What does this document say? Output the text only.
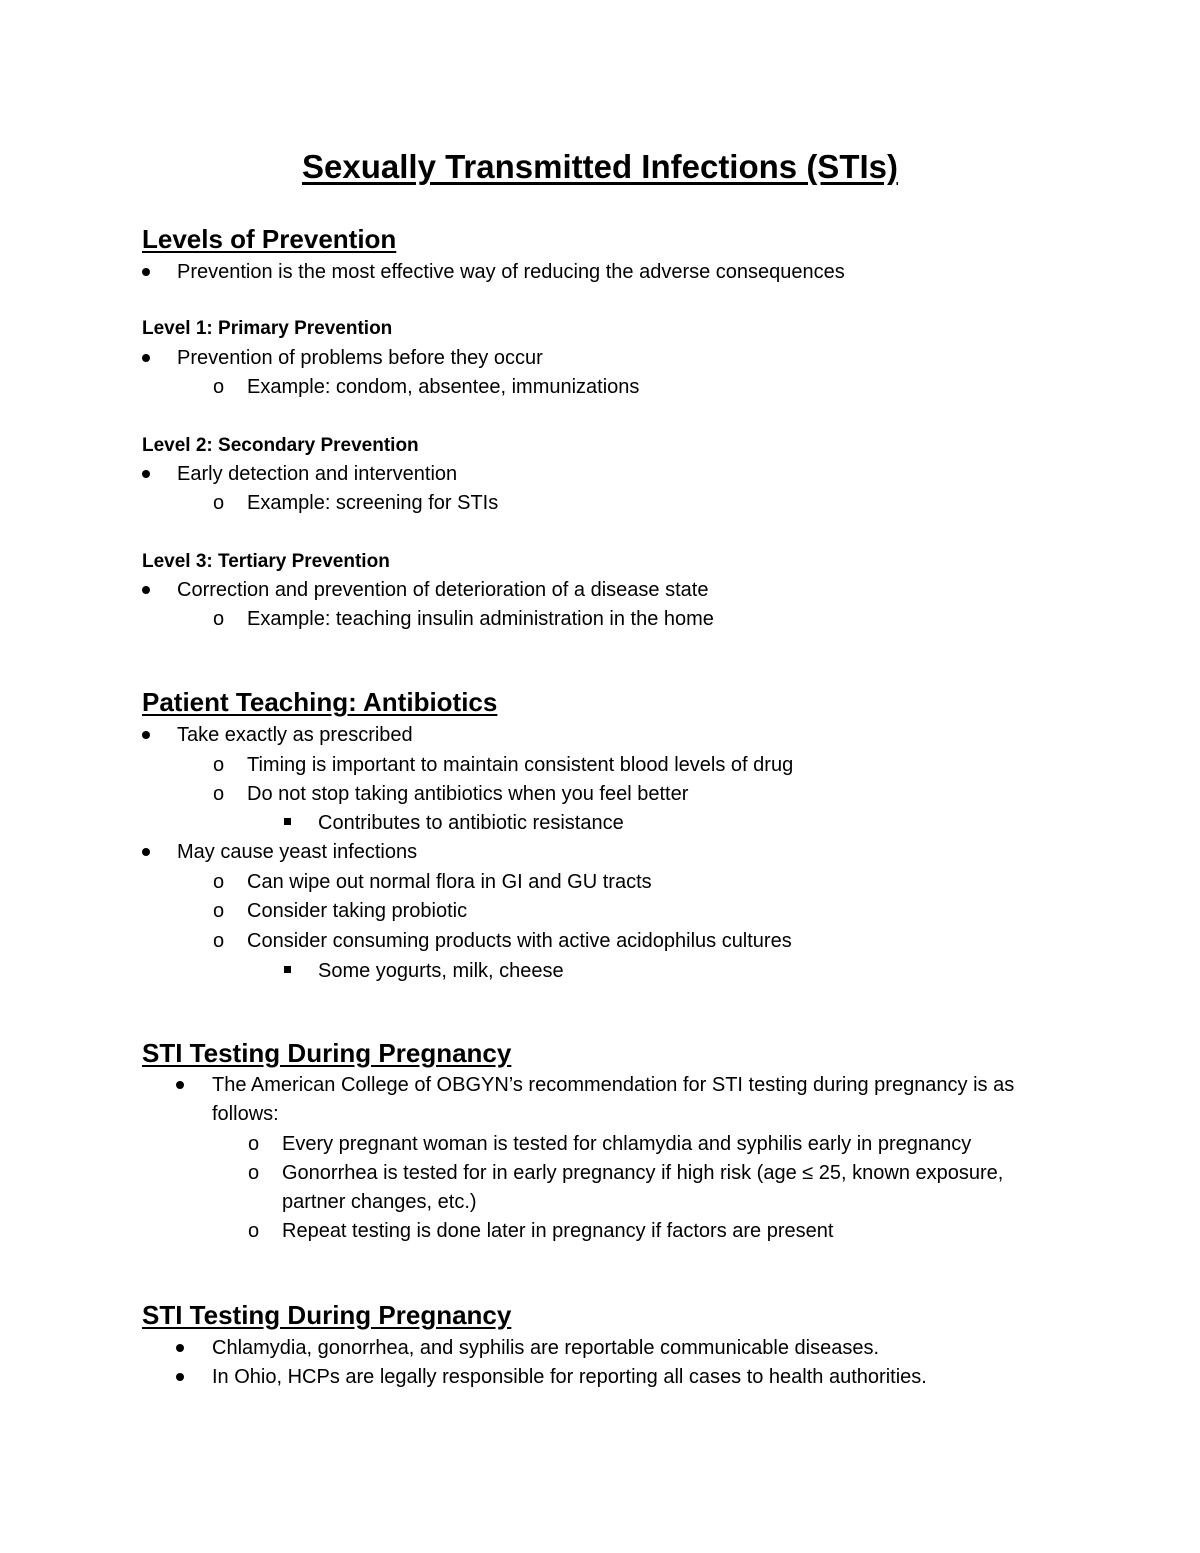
Sexually Transmitted Infections (STIs)
Levels of Prevention
Prevention is the most effective way of reducing the adverse consequences
Level 1: Primary Prevention
Prevention of problems before they occur
o Example: condom, absentee, immunizations
Level 2: Secondary Prevention
Early detection and intervention
o Example: screening for STIs
Level 3: Tertiary Prevention
Correction and prevention of deterioration of a disease state
o Example: teaching insulin administration in the home
Patient Teaching: Antibiotics
Take exactly as prescribed
o Timing is important to maintain consistent blood levels of drug
o Do not stop taking antibiotics when you feel better
Contributes to antibiotic resistance
May cause yeast infections
o Can wipe out normal flora in GI and GU tracts
o Consider taking probiotic
o Consider consuming products with active acidophilus cultures
Some yogurts, milk, cheese
STI Testing During Pregnancy
The American College of OBGYN’s recommendation for STI testing during pregnancy is as
follows:
o Every pregnant woman is tested for chlamydia and syphilis early in pregnancy
o Gonorrhea is tested for in early pregnancy if high risk (age ≤ 25, known exposure,
partner changes, etc.)
o Repeat testing is done later in pregnancy if factors are present
STI Testing During Pregnancy
Chlamydia, gonorrhea, and syphilis are reportable communicable diseases.
In Ohio, HCPs are legally responsible for reporting all cases to health authorities.
